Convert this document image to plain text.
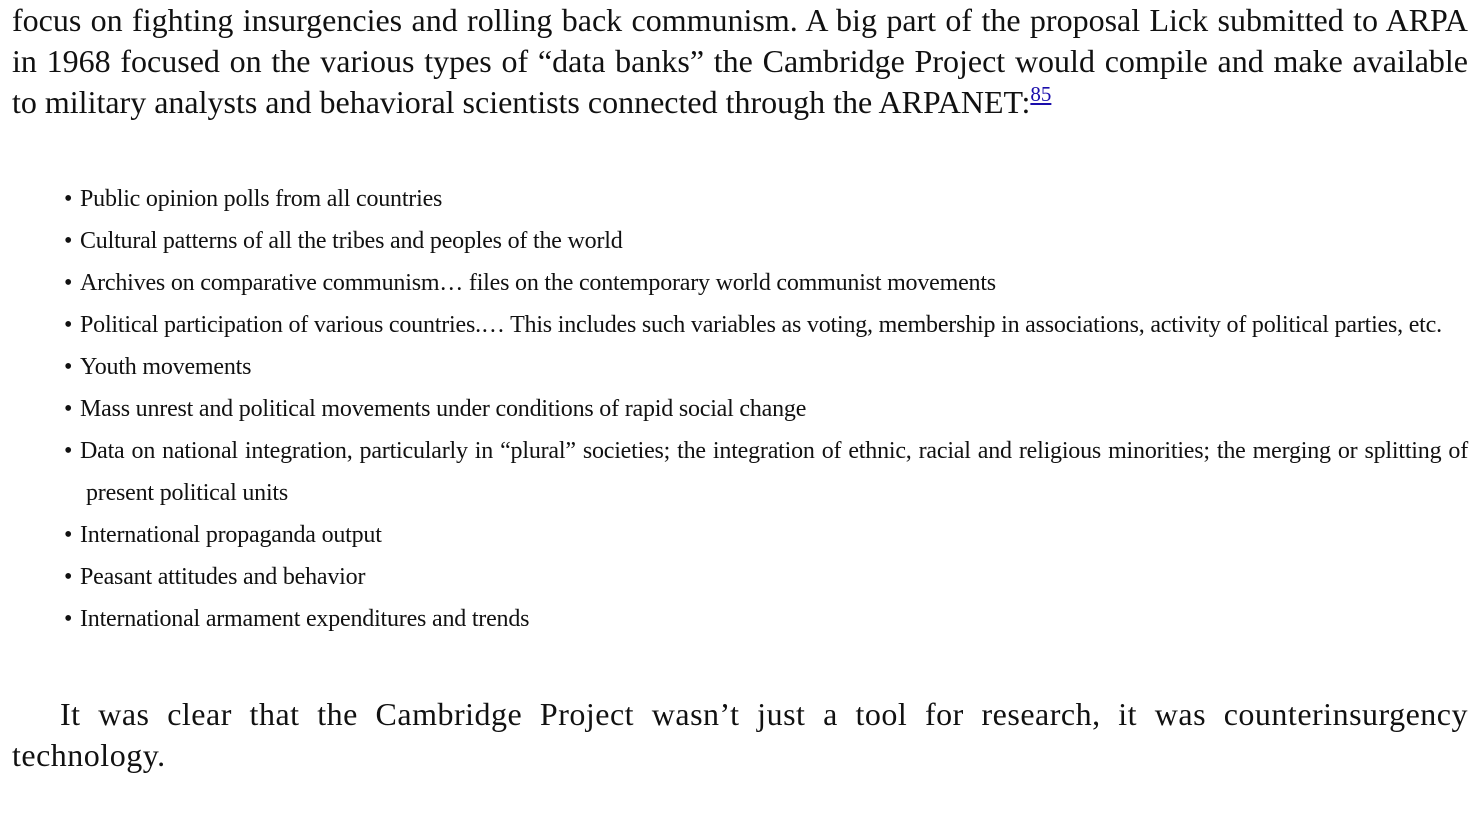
focus on fighting insurgencies and rolling back communism. A big part of the proposal Lick submitted to ARPA in 1968 focused on the various types of “data banks” the Cambridge Project would compile and make available to military analysts and behavioral scientists connected through the ARPANET:$^{85}$

• Public opinion polls from all countries
• Cultural patterns of all the tribes and peoples of the world
• Archives on comparative communism… files on the contemporary world communist movements
• Political participation of various countries.… This includes such variables as voting, membership in associations, activity of political parties, etc.
• Youth movements
• Mass unrest and political movements under conditions of rapid social change
• Data on national integration, particularly in “plural” societies; the integration of ethnic, racial and religious minorities; the merging or splitting of present political units
• International propaganda output
• Peasant attitudes and behavior
• International armament expenditures and trends

It was clear that the Cambridge Project wasn’t just a tool for research, it was counterinsurgency technology.
